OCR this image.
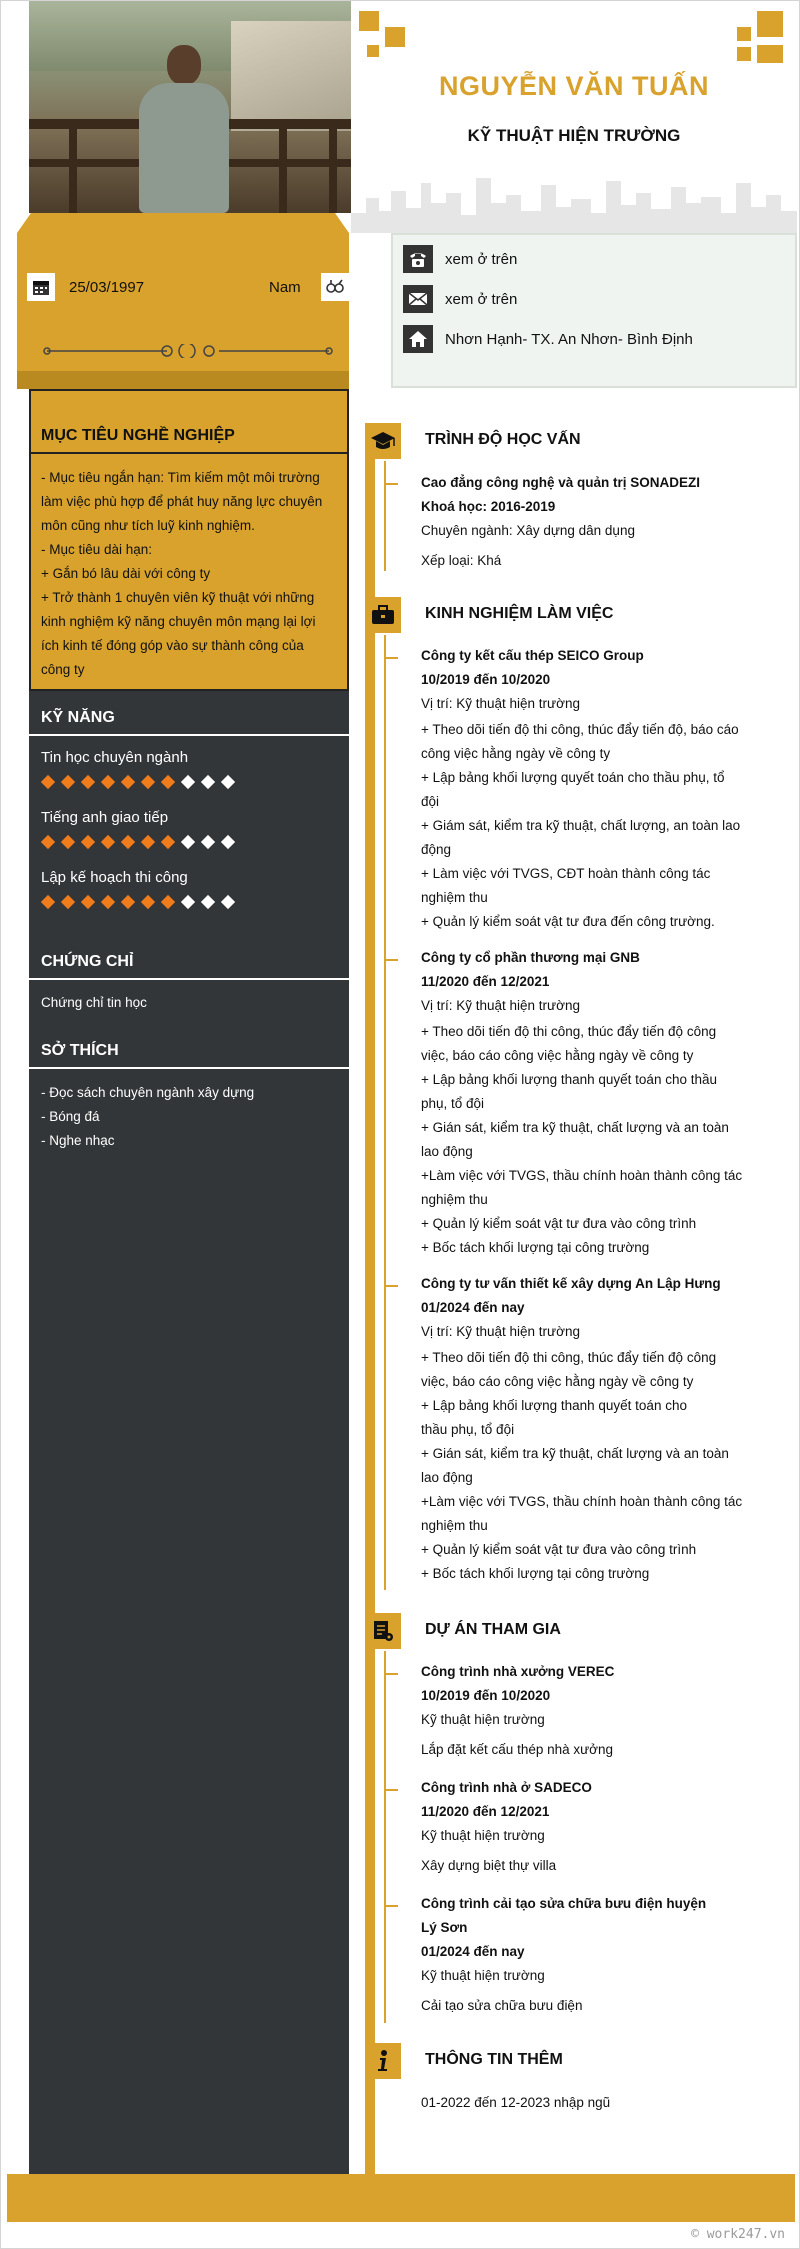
NGUYỄN VĂN TUẤN
KỸ THUẬT HIỆN TRƯỜNG
25/03/1997	Nam
xem ở trên
xem ở trên
Nhơn Hạnh- TX. An Nhơn- Bình Định
MỤC TIÊU NGHỀ NGHIỆP
- Mục tiêu ngắn hạn: Tìm kiếm một môi trường
làm việc phù hợp để phát huy năng lực chuyên
môn cũng như tích luỹ kinh nghiệm.
- Mục tiêu dài hạn:
+ Gắn bó lâu dài với công ty
+ Trở thành 1 chuyên viên kỹ thuật với những
kinh nghiệm kỹ năng chuyên môn mạng lại lợi
ích kinh tế đóng góp vào sự thành công của
công ty
KỸ NĂNG
Tin học chuyên ngành
Tiếng anh giao tiếp
Lập kế hoạch thi công
CHỨNG CHỈ
Chứng chỉ tin học
SỞ THÍCH
- Đọc sách chuyên ngành xây dựng
- Bóng đá
- Nghe nhạc
TRÌNH ĐỘ HỌC VẤN
Cao đẳng công nghệ và quản trị SONADEZI
Khoá học: 2016-2019
Chuyên ngành: Xây dựng dân dụng
Xếp loại: Khá
KINH NGHIỆM LÀM VIỆC
Công ty kết cấu thép SEICO Group
10/2019 đến 10/2020
Vị trí: Kỹ thuật hiện trường
+ Theo dõi tiến độ thi công, thúc đẩy tiến độ, báo cáo
công việc hằng ngày về công ty
+ Lập bảng khối lượng quyết toán cho thầu phụ, tổ
đội
+ Giám sát, kiểm tra kỹ thuật, chất lượng, an toàn lao
động
+ Làm việc với TVGS, CĐT hoàn thành công tác
nghiệm thu
+ Quản lý kiểm soát vật tư đưa đến công trường.
Công ty cổ phần thương mại GNB
11/2020 đến 12/2021
Vị trí: Kỹ thuật hiện trường
+ Theo dõi tiến độ thi công, thúc đẩy tiến độ công
việc, báo cáo công việc hằng ngày về công ty
+ Lập bảng khối lượng thanh quyết toán cho thầu
phụ, tổ đội
+ Gián sát, kiểm tra kỹ thuật, chất lượng và an toàn
lao động
+Làm việc với TVGS, thầu chính hoàn thành công tác
nghiệm thu
+ Quản lý kiểm soát vật tư đưa vào công trình
+ Bốc tách khối lượng tại công trường
Công ty tư vấn thiết kế xây dựng An Lập Hưng
01/2024 đến nay
Vị trí: Kỹ thuật hiện trường
+ Theo dõi tiến độ thi công, thúc đẩy tiến độ công
việc, báo cáo công việc hằng ngày về công ty
+ Lập bảng khối lượng thanh quyết toán cho
thầu phụ, tổ đội
+ Gián sát, kiểm tra kỹ thuật, chất lượng và an toàn
lao động
+Làm việc với TVGS, thầu chính hoàn thành công tác
nghiệm thu
+ Quản lý kiểm soát vật tư đưa vào công trình
+ Bốc tách khối lượng tại công trường
DỰ ÁN THAM GIA
Công trình nhà xưởng VEREC
10/2019 đến 10/2020
Kỹ thuật hiện trường
Lắp đặt kết cấu thép nhà xưởng
Công trình nhà ở SADECO
11/2020 đến 12/2021
Kỹ thuật hiện trường
Xây dựng biệt thự villa
Công trình cải tạo sửa chữa bưu điện huyện
Lý Sơn
01/2024 đến nay
Kỹ thuật hiện trường
Cải tạo sửa chữa bưu điện
THÔNG TIN THÊM
01-2022 đến 12-2023 nhập ngũ
© work247.vn
